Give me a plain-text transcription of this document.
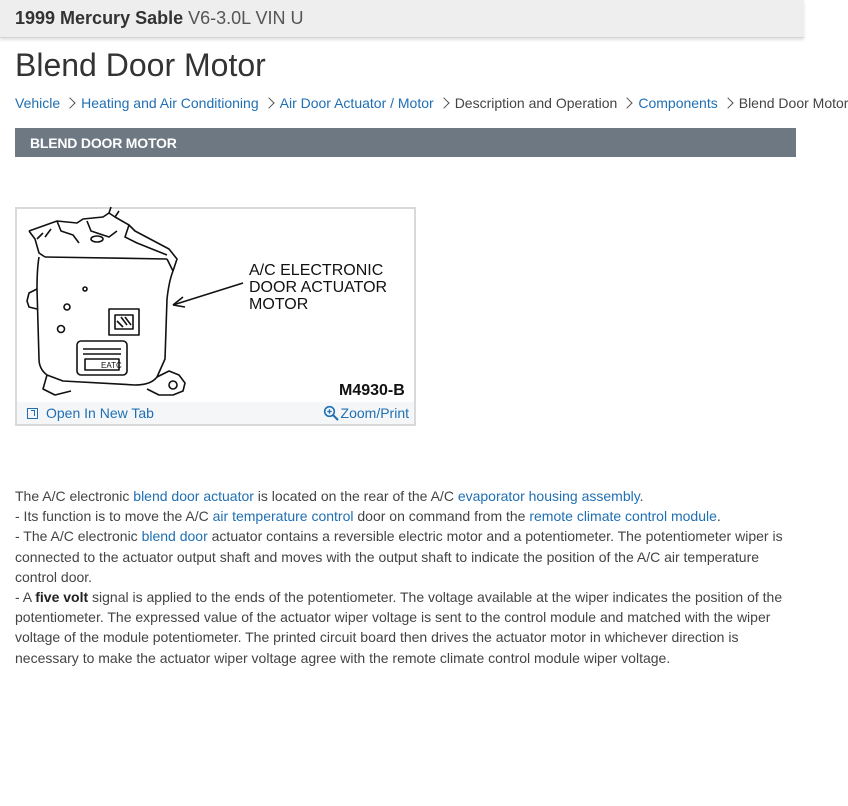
1999 Mercury Sable V6-3.0L VIN U
Blend Door Motor
Vehicle Heating and Air Conditioning Air Door Actuator / Motor Description and Operation Components Blend Door Motor
BLEND DOOR MOTOR
EATC
A/C ELECTRONIC
DOOR ACTUATOR
MOTOR
M4930-B
Open In New Tab	Zoom/Print

The A/C electronic blend door actuator is located on the rear of the A/C evaporator housing assembly.

- Its function is to move the A/C air temperature control door on command from the remote climate control module.

- The A/C electronic blend door actuator contains a reversible electric motor and a potentiometer. The potentiometer wiper is connected to the actuator output shaft and moves with the output shaft to indicate the position of the A/C air temperature control door.

- A five volt signal is applied to the ends of the potentiometer. The voltage available at the wiper indicates the position of the potentiometer. The expressed value of the actuator wiper voltage is sent to the control module and matched with the wiper voltage of the module potentiometer. The printed circuit board then drives the actuator motor in whichever direction is necessary to make the actuator wiper voltage agree with the remote climate control module wiper voltage.
